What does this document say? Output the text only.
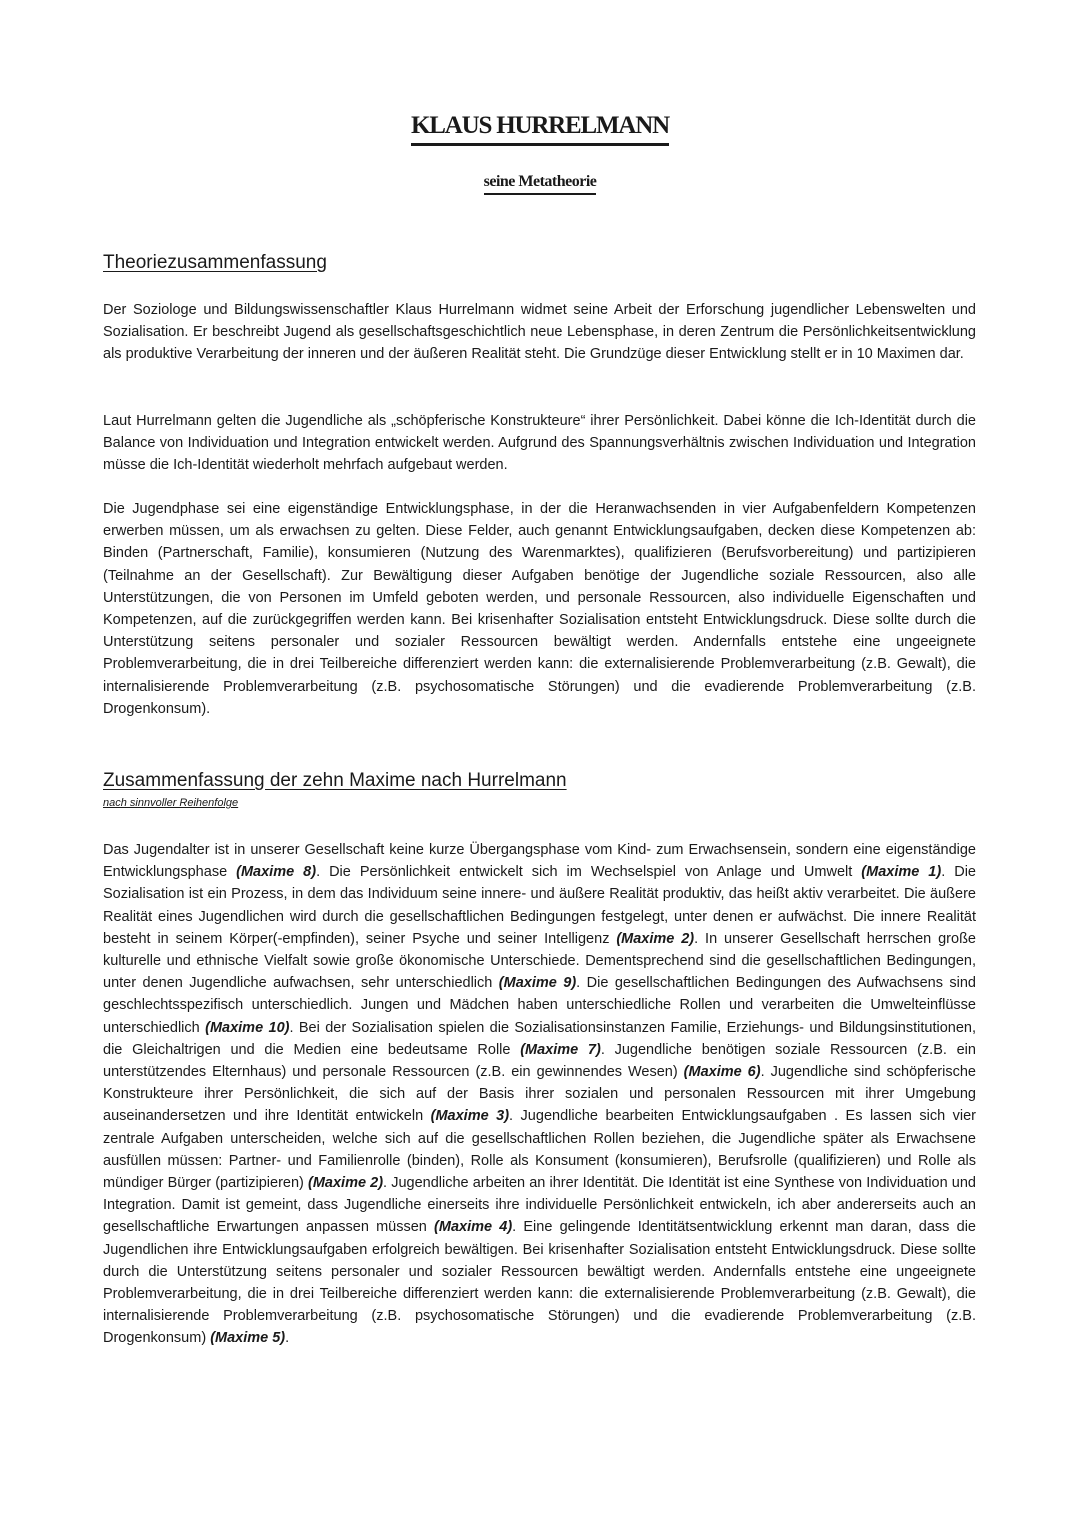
KLAUS HURRELMANN
seine Metatheorie
Theoriezusammenfassung

Der Soziologe und Bildungswissenschaftler Klaus Hurrelmann widmet seine Arbeit der Erforschung jugendlicher Lebenswelten und Sozialisation. Er beschreibt Jugend als gesellschaftsgeschichtlich neue Lebensphase, in deren Zentrum die Persönlichkeitsentwicklung als produktive Verarbeitung der inneren und der äußeren Realität steht. Die Grundzüge dieser Entwicklung stellt er in 10 Maximen dar.

Laut Hurrelmann gelten die Jugendliche als „schöpferische Konstrukteure“ ihrer Persönlichkeit. Dabei könne die Ich-Identität durch die Balance von Individuation und Integration entwickelt werden. Aufgrund des Spannungsverhältnis zwischen Individuation und Integration müsse die Ich-Identität wiederholt mehrfach aufgebaut werden.

Die Jugendphase sei eine eigenständige Entwicklungsphase, in der die Heranwachsenden in vier Aufgabenfeldern Kompetenzen erwerben müssen, um als erwachsen zu gelten. Diese Felder, auch genannt Entwicklungsaufgaben, decken diese Kompetenzen ab: Binden (Partnerschaft, Familie), konsumieren (Nutzung des Warenmarktes), qualifizieren (Berufsvorbereitung) und partizipieren (Teilnahme an der Gesellschaft). Zur Bewältigung dieser Aufgaben benötige der Jugendliche soziale Ressourcen, also alle Unterstützungen, die von Personen im Umfeld geboten werden, und personale Ressourcen, also individuelle Eigenschaften und Kompetenzen, auf die zurückgegriffen werden kann. Bei krisenhafter Sozialisation entsteht Entwicklungsdruck. Diese sollte durch die Unterstützung seitens personaler und sozialer Ressourcen bewältigt werden. Andernfalls entstehe eine ungeeignete Problemverarbeitung, die in drei Teilbereiche differenziert werden kann: die externalisierende Problemverarbeitung (z.B. Gewalt), die internalisierende Problemverarbeitung (z.B. psychosomatische Störungen) und die evadierende Problemverarbeitung (z.B. Drogenkonsum).

Zusammenfassung der zehn Maxime nach Hurrelmann
nach sinnvoller Reihenfolge

Das Jugendalter ist in unserer Gesellschaft keine kurze Übergangsphase vom Kind- zum Erwachsensein, sondern eine eigenständige Entwicklungsphase (Maxime 8). Die Persönlichkeit entwickelt sich im Wechselspiel von Anlage und Umwelt (Maxime 1). Die Sozialisation ist ein Prozess, in dem das Individuum seine innere- und äußere Realität produktiv, das heißt aktiv verarbeitet. Die äußere Realität eines Jugendlichen wird durch die gesellschaftlichen Bedingungen festgelegt, unter denen er aufwächst. Die innere Realität besteht in seinem Körper(-empfinden), seiner Psyche und seiner Intelligenz (Maxime 2). In unserer Gesellschaft herrschen große kulturelle und ethnische Vielfalt sowie große ökonomische Unterschiede. Dementsprechend sind die gesellschaftlichen Bedingungen, unter denen Jugendliche aufwachsen, sehr unterschiedlich (Maxime 9). Die gesellschaftlichen Bedingungen des Aufwachsens sind geschlechtsspezifisch unterschiedlich. Jungen und Mädchen haben unterschiedliche Rollen und verarbeiten die Umwelteinflüsse unterschiedlich (Maxime 10). Bei der Sozialisation spielen die Sozialisationsinstanzen Familie, Erziehungs- und Bildungsinstitutionen, die Gleichaltrigen und die Medien eine bedeutsame Rolle (Maxime 7). Jugendliche benötigen soziale Ressourcen (z.B. ein unterstützendes Elternhaus) und personale Ressourcen (z.B. ein gewinnendes Wesen) (Maxime 6). Jugendliche sind schöpferische Konstrukteure ihrer Persönlichkeit, die sich auf der Basis ihrer sozialen und personalen Ressourcen mit ihrer Umgebung auseinandersetzen und ihre Identität entwickeln (Maxime 3). Jugendliche bearbeiten Entwicklungsaufgaben . Es lassen sich vier zentrale Aufgaben unterscheiden, welche sich auf die gesellschaftlichen Rollen beziehen, die Jugendliche später als Erwachsene ausfüllen müssen: Partner- und Familienrolle (binden), Rolle als Konsument (konsumieren), Berufsrolle (qualifizieren) und Rolle als mündiger Bürger (partizipieren) (Maxime 2). Jugendliche arbeiten an ihrer Identität. Die Identität ist eine Synthese von Individuation und Integration. Damit ist gemeint, dass Jugendliche einerseits ihre individuelle Persönlichkeit entwickeln, ich aber andererseits auch an gesellschaftliche Erwartungen anpassen müssen (Maxime 4). Eine gelingende Identitätsentwicklung erkennt man daran, dass die Jugendlichen ihre Entwicklungsaufgaben erfolgreich bewältigen. Bei krisenhafter Sozialisation entsteht Entwicklungsdruck. Diese sollte durch die Unterstützung seitens personaler und sozialer Ressourcen bewältigt werden. Andernfalls entstehe eine ungeeignete Problemverarbeitung, die in drei Teilbereiche differenziert werden kann: die externalisierende Problemverarbeitung (z.B. Gewalt), die internalisierende Problemverarbeitung (z.B. psychosomatische Störungen) und die evadierende Problemverarbeitung (z.B. Drogenkonsum) (Maxime 5).
